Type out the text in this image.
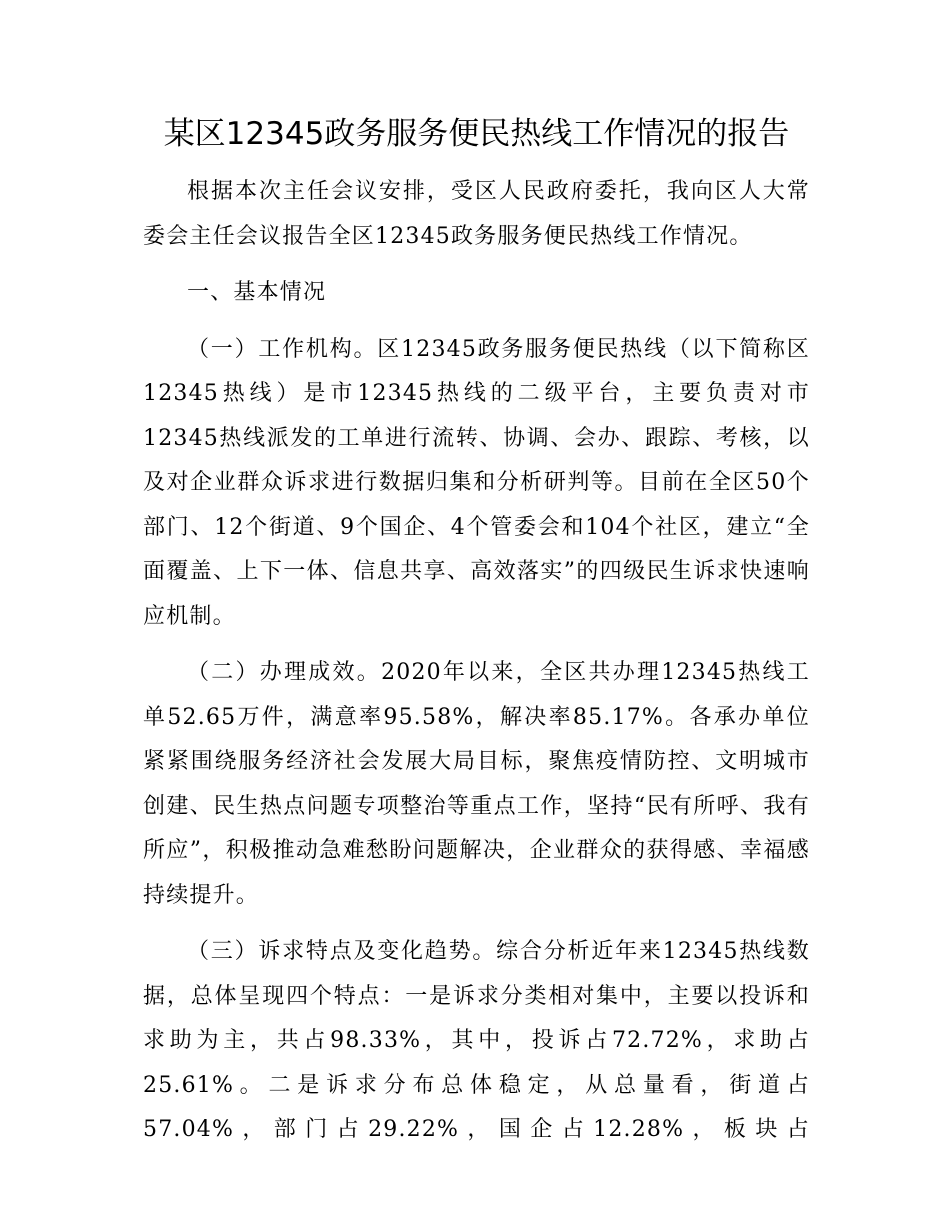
某区12345政务服务便民热线工作情况的报告

根据本次主任会议安排，受区人民政府委托，我向区人大常委会主任会议报告全区12345政务服务便民热线工作情况。

一、基本情况

（一）工作机构。区12345政务服务便民热线（以下简称区12345热线）是市12345热线的二级平台，主要负责对市12345热线派发的工单进行流转、协调、会办、跟踪、考核，以及对企业群众诉求进行数据归集和分析研判等。目前在全区50个部门、12个街道、9个国企、4个管委会和104个社区，建立“全面覆盖、上下一体、信息共享、高效落实”的四级民生诉求快速响应机制。

（二）办理成效。2020年以来，全区共办理12345热线工单52.65万件，满意率95.58%，解决率85.17%。各承办单位紧紧围绕服务经济社会发展大局目标，聚焦疫情防控、文明城市创建、民生热点问题专项整治等重点工作，坚持“民有所呼、我有所应”，积极推动急难愁盼问题解决，企业群众的获得感、幸福感持续提升。

（三）诉求特点及变化趋势。综合分析近年来12345热线数据，总体呈现四个特点：一是诉求分类相对集中，主要以投诉和求助为主，共占98.33%，其中，投诉占72.72%，求助占25.61%。二是诉求分布总体稳定，从总量看，街道占57.04%，部门占29.22%，国企占12.28%，板块占
